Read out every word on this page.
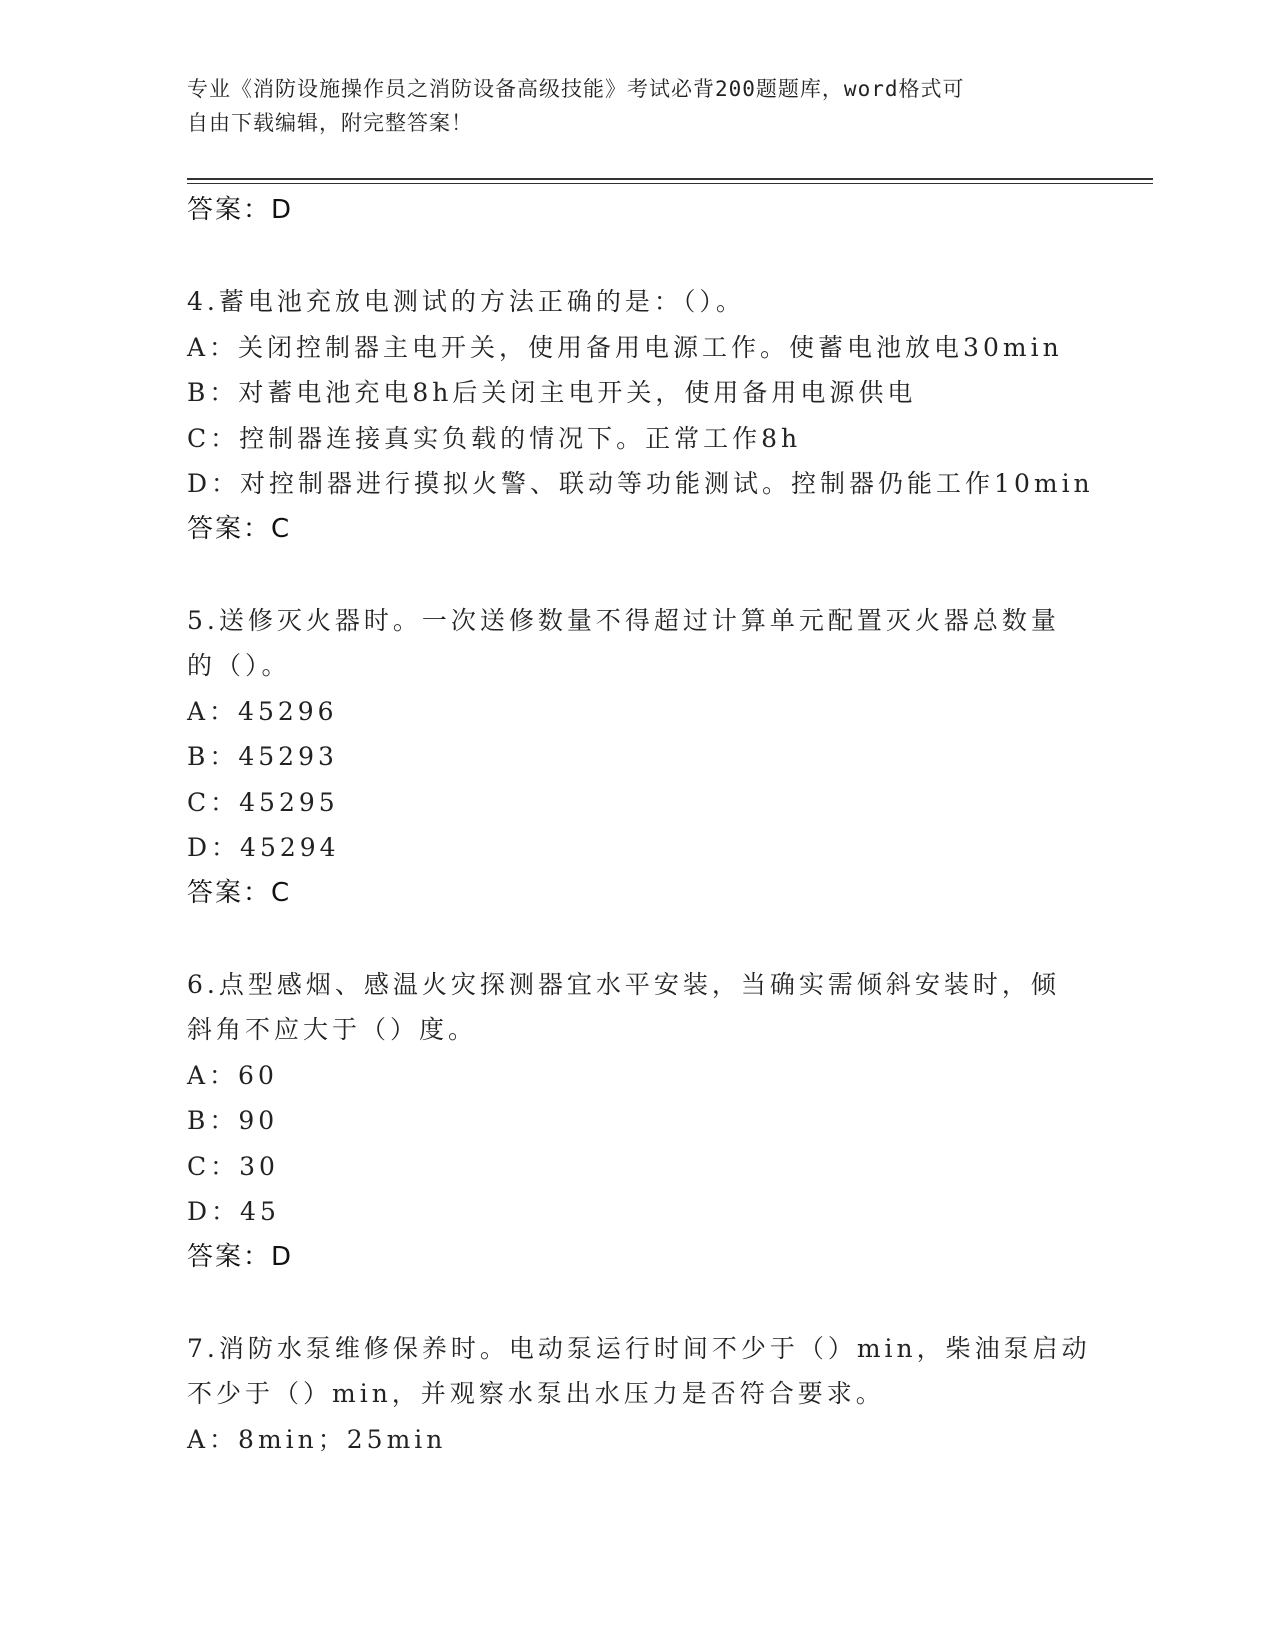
专业《消防设施操作员之消防设备高级技能》考试必背200题题库，word格式可
自由下载编辑，附完整答案！
答案：D
4.蓄电池充放电测试的方法正确的是：（）。
A：关闭控制器主电开关，使用备用电源工作。使蓄电池放电30min
B：对蓄电池充电8h后关闭主电开关，使用备用电源供电
C：控制器连接真实负载的情况下。正常工作8h
D：对控制器进行摸拟火警、联动等功能测试。控制器仍能工作10min
答案：C
5.送修灭火器时。一次送修数量不得超过计算单元配置灭火器总数量
的（）。
A：45296
B：45293
C：45295
D：45294
答案：C
6.点型感烟、感温火灾探测器宜水平安装，当确实需倾斜安装时，倾
斜角不应大于（）度。
A：60
B：90
C：30
D：45
答案：D
7.消防水泵维修保养时。电动泵运行时间不少于（）min，柴油泵启动
不少于（）min，并观察水泵出水压力是否符合要求。
A：8min；25min
